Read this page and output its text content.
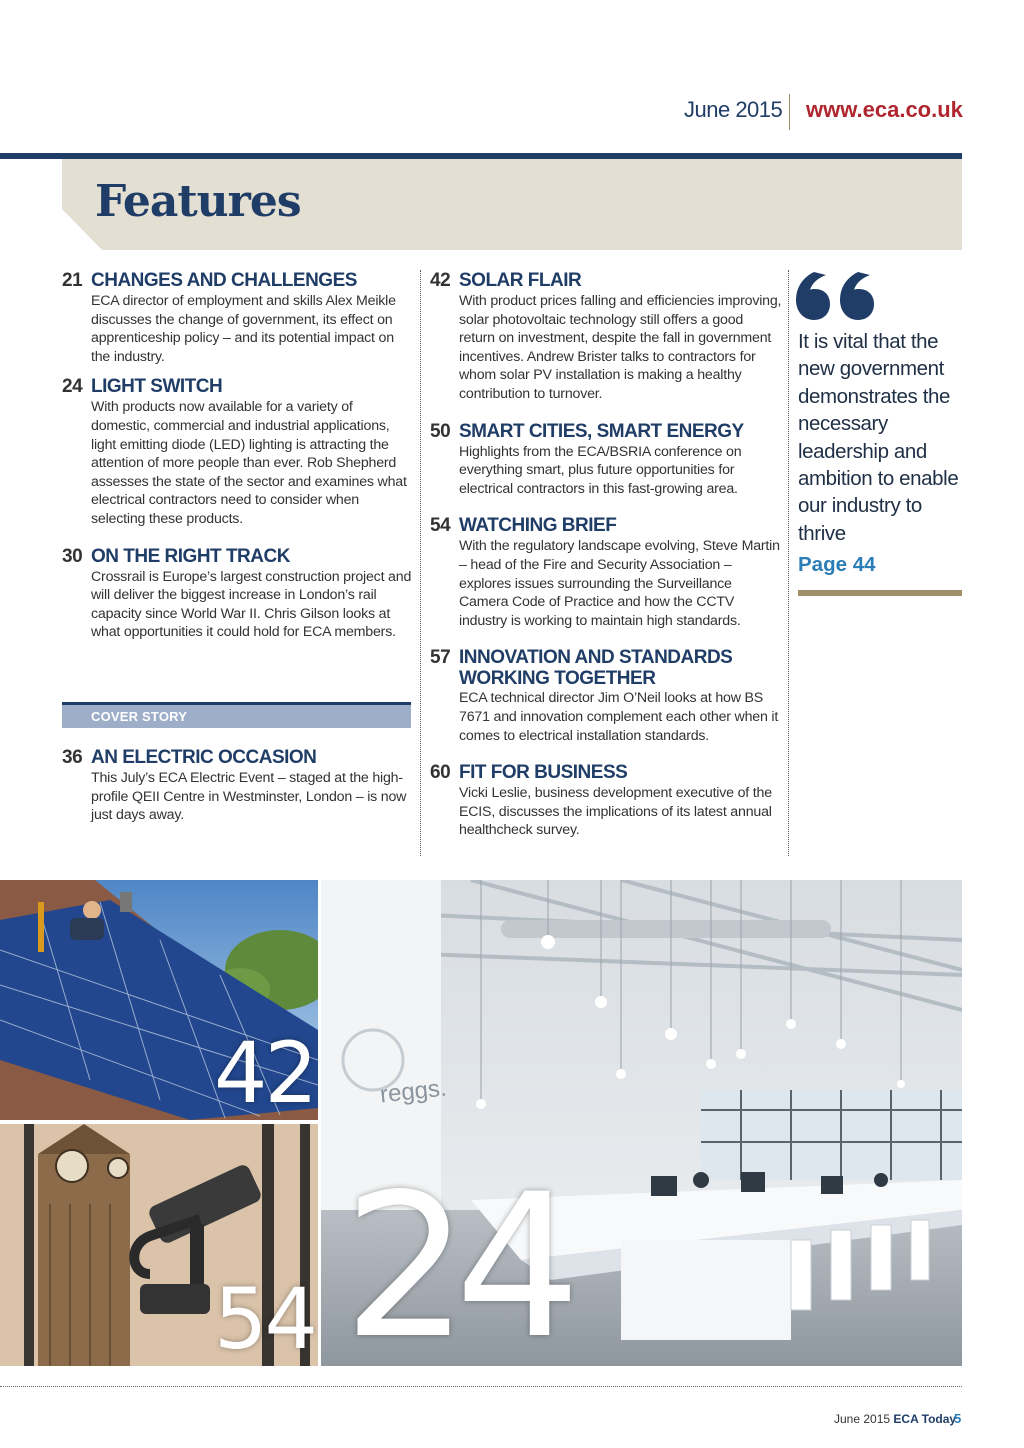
June 2015 www.eca.co.uk
Features
21 CHANGES AND CHALLENGES
ECA director of employment and skills Alex Meikle discusses the change of government, its effect on apprenticeship policy – and its potential impact on the industry.
24 LIGHT SWITCH
With products now available for a variety of domestic, commercial and industrial applications, light emitting diode (LED) lighting is attracting the attention of more people than ever. Rob Shepherd assesses the state of the sector and examines what electrical contractors need to consider when selecting these products.
30 ON THE RIGHT TRACK
Crossrail is Europe’s largest construction project and will deliver the biggest increase in London’s rail capacity since World War II. Chris Gilson looks at what opportunities it could hold for ECA members.
COVER STORY
36 AN ELECTRIC OCCASION
This July’s ECA Electric Event – staged at the high-profile QEII Centre in Westminster, London – is now just days away.
42 SOLAR FLAIR
With product prices falling and efficiencies improving, solar photovoltaic technology still offers a good return on investment, despite the fall in government incentives. Andrew Brister talks to contractors for whom solar PV installation is making a healthy contribution to turnover.
50 SMART CITIES, SMART ENERGY
Highlights from the ECA/BSRIA conference on everything smart, plus future opportunities for electrical contractors in this fast-growing area.
54 WATCHING BRIEF
With the regulatory landscape evolving, Steve Martin – head of the Fire and Security Association – explores issues surrounding the Surveillance Camera Code of Practice and how the CCTV industry is working to maintain high standards.
57 INNOVATION AND STANDARDS WORKING TOGETHER
ECA technical director Jim O’Neil looks at how BS 7671 and innovation complement each other when it comes to electrical installation standards.
60 FIT FOR BUSINESS
Vicki Leslie, business development executive of the ECIS, discusses the implications of its latest annual healthcheck survey.
It is vital that the new government demonstrates the necessary leadership and ambition to enable our industry to thrive
Page 44
42
54
reggs.
24
June 2015 ECA Today
5
